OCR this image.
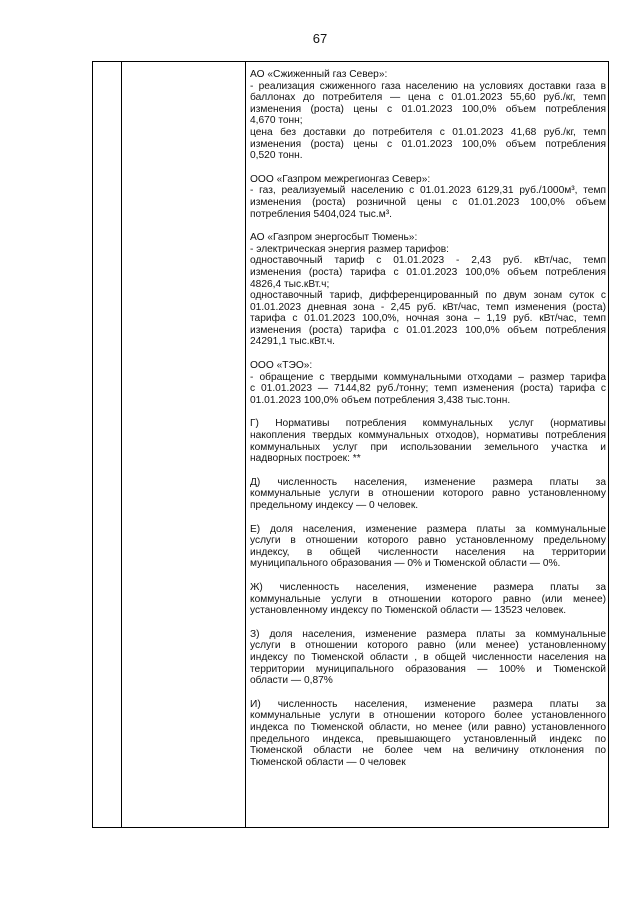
67
АО «Сжиженный газ Север»:
- реализация сжиженного газа населению на условиях доставки газа в
баллонах до потребителя — цена с 01.01.2023 55,60 руб./кг, темп
изменения (роста) цены с 01.01.2023 100,0% объем потребления
4,670 тонн;
цена без доставки до потребителя с 01.01.2023 41,68 руб./кг, темп
изменения (роста) цены с 01.01.2023 100,0% объем потребления
0,520 тонн.
ООО «Газпром межрегионгаз Север»:
- газ, реализуемый населению с 01.01.2023 6129,31 руб./1000м³, темп
изменения (роста) розничной цены с 01.01.2023 100,0% объем
потребления 5404,024 тыс.м³.
АО «Газпром энергосбыт Тюмень»:
- электрическая энергия размер тарифов:
одноставочный тариф с 01.01.2023 - 2,43 руб. кВт/час, темп
изменения (роста) тарифа с 01.01.2023 100,0% объем потребления
4826,4 тыс.кВт.ч;
одноставочный тариф, дифференцированный по двум зонам суток с
01.01.2023 дневная зона - 2,45 руб. кВт/час, темп изменения (роста)
тарифа с 01.01.2023 100,0%, ночная зона – 1,19 руб. кВт/час, темп
изменения (роста) тарифа с 01.01.2023 100,0% объем потребления
24291,1 тыс.кВт.ч.
ООО «ТЭО»:
- обращение с твердыми коммунальными отходами – размер тарифа
с 01.01.2023 — 7144,82 руб./тонну; темп изменения (роста) тарифа с
01.01.2023 100,0% объем потребления 3,438 тыс.тонн.
Г) Нормативы потребления коммунальных услуг (нормативы
накопления твердых коммунальных отходов), нормативы потребления
коммунальных услуг при использовании земельного участка и
надворных построек: **
Д) численность населения, изменение размера платы за
коммунальные услуги в отношении которого равно установленному
предельному индексу — 0 человек.
Е) доля населения, изменение размера платы за коммунальные
услуги в отношении которого равно установленному предельному
индексу, в общей численности населения на территории
муниципального образования — 0% и Тюменской области — 0%.
Ж) численность населения, изменение размера платы за
коммунальные услуги в отношении которого равно (или менее)
установленному индексу по Тюменской области — 13523 человек.
З) доля населения, изменение размера платы за коммунальные
услуги в отношении которого равно (или менее) установленному
индексу по Тюменской области , в общей численности населения на
территории муниципального образования — 100% и Тюменской
области — 0,87%
И) численность населения, изменение размера платы за
коммунальные услуги в отношении которого более установленного
индекса по Тюменской области, но менее (или равно) установленного
предельного индекса, превышающего установленный индекс по
Тюменской области не более чем на величину отклонения по
Тюменской области — 0 человек
